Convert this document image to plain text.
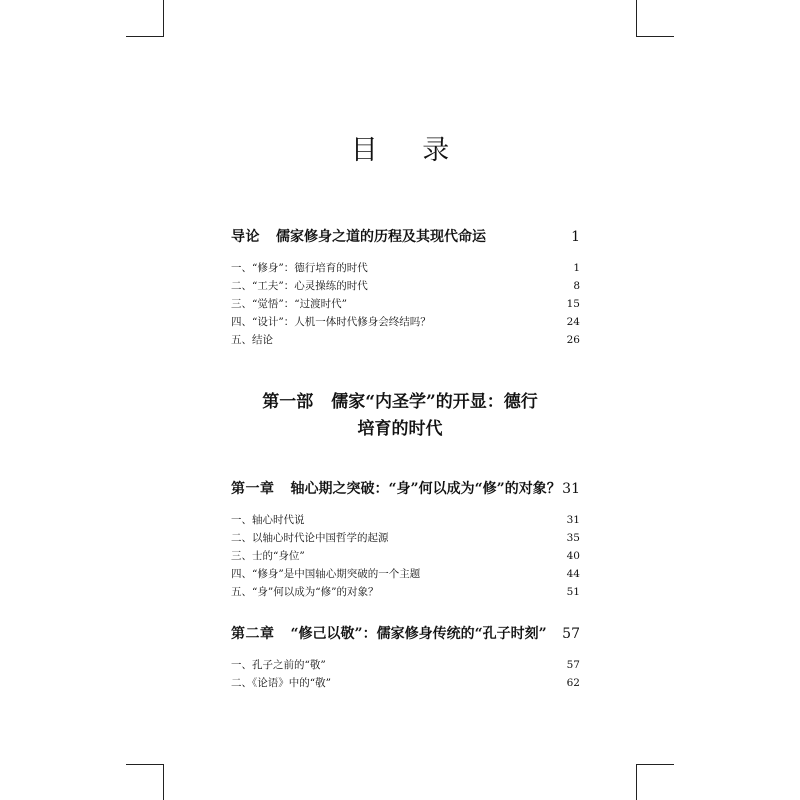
目 录
导论 儒家修身之道的历程及其现代命运	1
一、“修身”：德行培育的时代	1
二、“工夫”：心灵操练的时代	8
三、“觉悟”：“过渡时代”	15
四、“设计”：人机一体时代修身会终结吗？	24
五、结论	26
第一部 儒家“内圣学”的开显：德行
培育的时代
第一章 轴心期之突破：“身”何以成为“修”的对象？ 31
一、轴心时代说	31
二、以轴心时代论中国哲学的起源	35
三、士的“身位”	40
四、“修身”是中国轴心期突破的一个主题	44
五、“身”何以成为“修”的对象？	51
第二章 “修己以敬”：儒家修身传统的“孔子时刻”	57
一、孔子之前的“敬”	57
二、《论语》中的“敬”	62
